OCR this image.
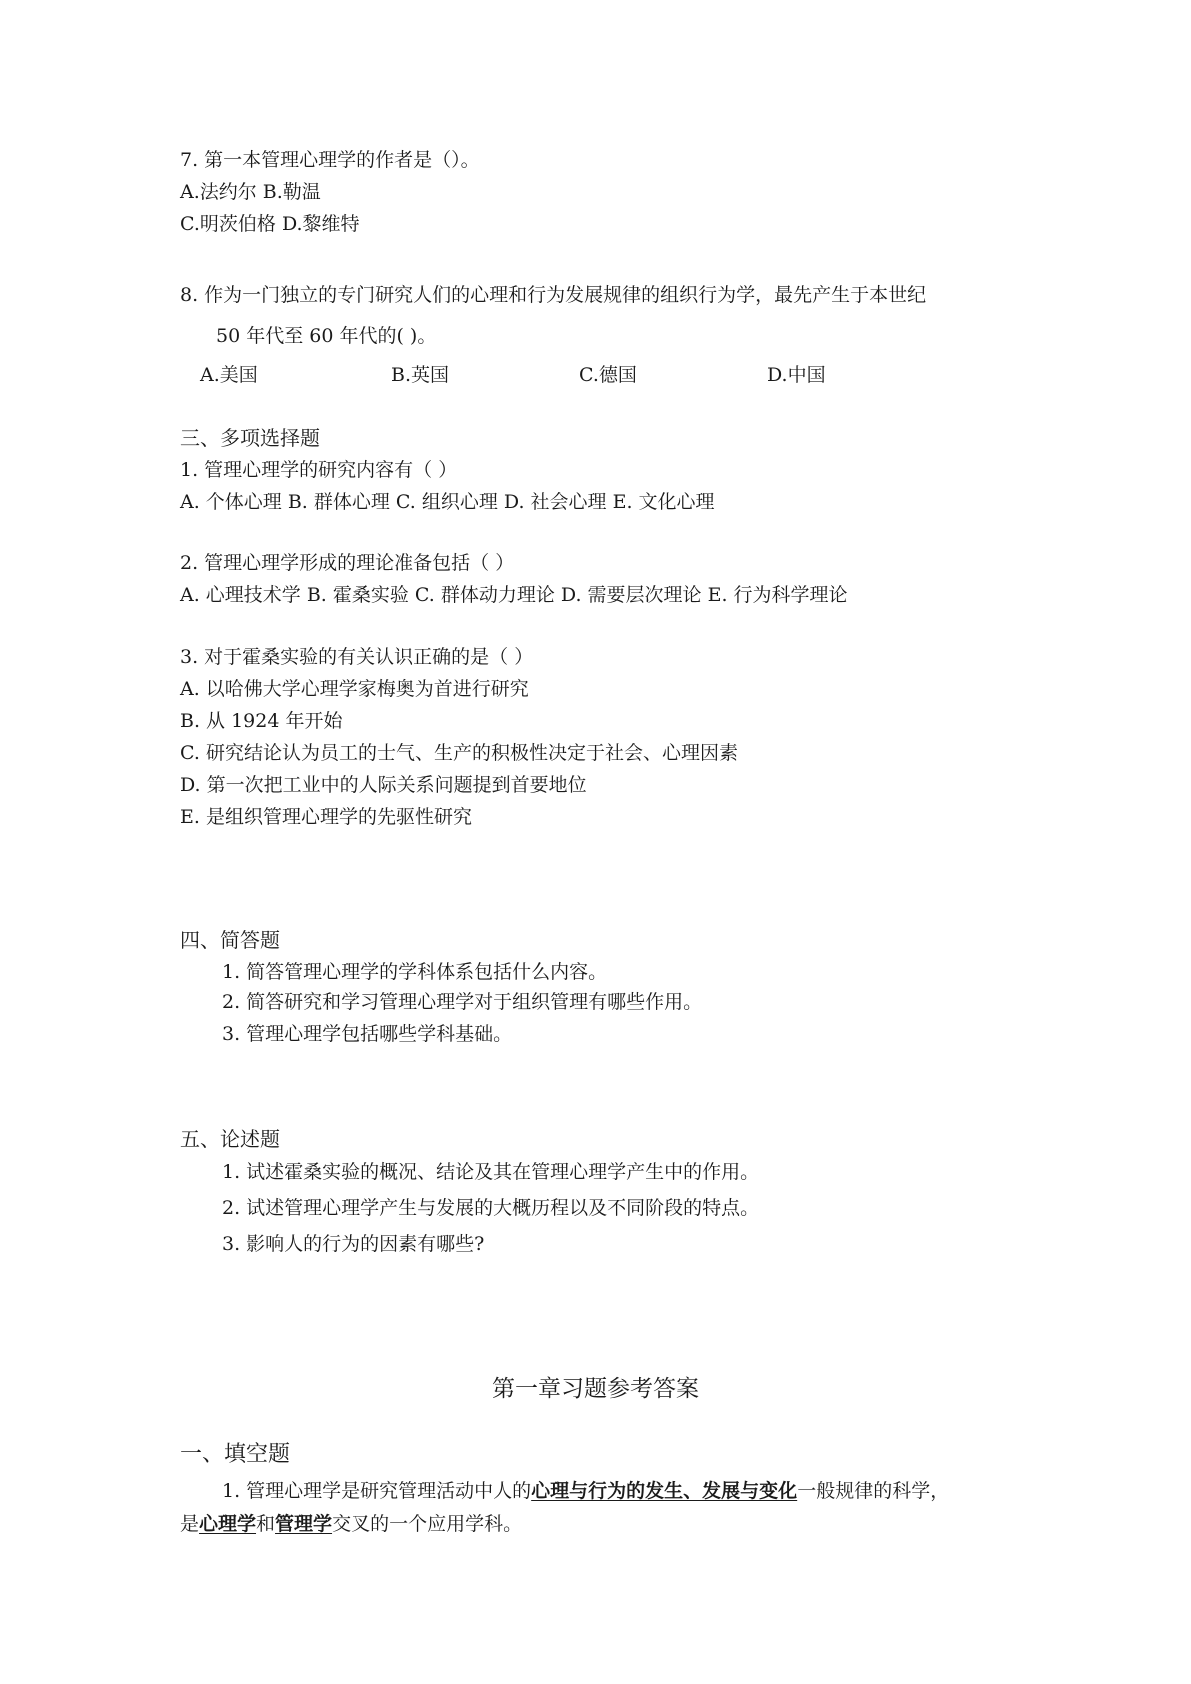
7. 第一本管理心理学的作者是（）。
A.法约尔 B.勒温
C.明茨伯格 D.黎维特
8. 作为一门独立的专门研究人们的心理和行为发展规律的组织行为学，最先产生于本世纪
50 年代至 60 年代的( )。
A.美国	B.英国	C.德国	D.中国
三、多项选择题
1. 管理心理学的研究内容有（ ）
A. 个体心理 B. 群体心理 C. 组织心理 D. 社会心理 E. 文化心理
2. 管理心理学形成的理论准备包括（ ）
A. 心理技术学 B. 霍桑实验 C. 群体动力理论 D. 需要层次理论 E. 行为科学理论
3. 对于霍桑实验的有关认识正确的是（ ）
A. 以哈佛大学心理学家梅奥为首进行研究
B. 从 1924 年开始
C. 研究结论认为员工的士气、生产的积极性决定于社会、心理因素
D. 第一次把工业中的人际关系问题提到首要地位
E. 是组织管理心理学的先驱性研究
四、简答题
1. 简答管理心理学的学科体系包括什么内容。
2. 简答研究和学习管理心理学对于组织管理有哪些作用。
3. 管理心理学包括哪些学科基础。
五、论述题
1. 试述霍桑实验的概况、结论及其在管理心理学产生中的作用。
2. 试述管理心理学产生与发展的大概历程以及不同阶段的特点。
3. 影响人的行为的因素有哪些?
第一章习题参考答案
一、填空题
1. 管理心理学是研究管理活动中人的心理与行为的发生、发展与变化一般规律的科学，
是心理学和管理学交叉的一个应用学科。
